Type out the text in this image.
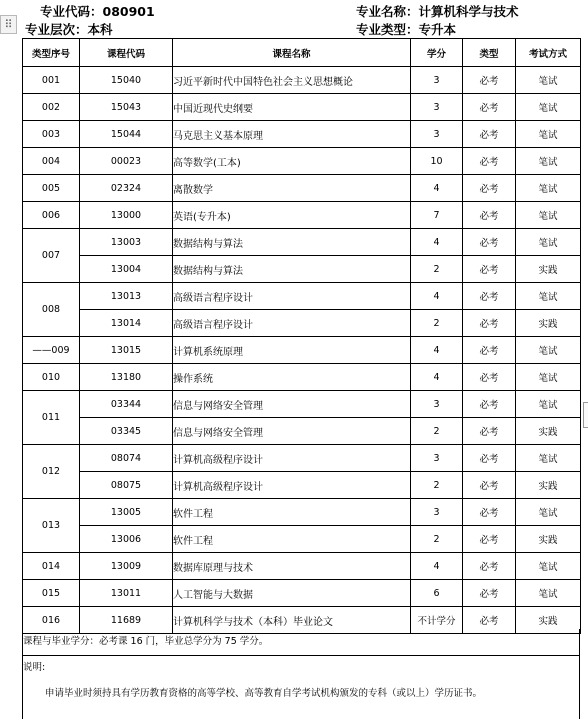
⠿
专业代码：080901	专业名称：计算机科学与技术
专业层次：本科	专业类型：专升本
类型序号	课程代码	课程名称	学分	类型	考试方式
001	15040	习近平新时代中国特色社会主义思想概论	3	必考	笔试
002	15043	中国近现代史纲要	3	必考	笔试
003	15044	马克思主义基本原理	3	必考	笔试
004	00023	高等数学(工本)	10	必考	笔试
005	02324	离散数学	4	必考	笔试
006	13000	英语(专升本)	7	必考	笔试
007	13003	数据结构与算法	4	必考	笔试
	13004	数据结构与算法	2	必考	实践
008	13013	高级语言程序设计	4	必考	笔试
	13014	高级语言程序设计	2	必考	实践
——009	13015	计算机系统原理	4	必考	笔试
010	13180	操作系统	4	必考	笔试
011	03344	信息与网络安全管理	3	必考	笔试
	03345	信息与网络安全管理	2	必考	实践
012	08074	计算机高级程序设计	3	必考	笔试
	08075	计算机高级程序设计	2	必考	实践
013	13005	软件工程	3	必考	笔试
	13006	软件工程	2	必考	实践
014	13009	数据库原理与技术	4	必考	笔试
015	13011	人工智能与大数据	6	必考	笔试
016	11689	计算机科学与技术（本科）毕业论文	不计学分	必考	实践
课程与毕业学分：必考课 16 门，毕业总学分为 75 学分。
说明:
申请毕业时须持具有学历教育资格的高等学校、高等教育自学考试机构颁发的专科（或以上）学历证书。
